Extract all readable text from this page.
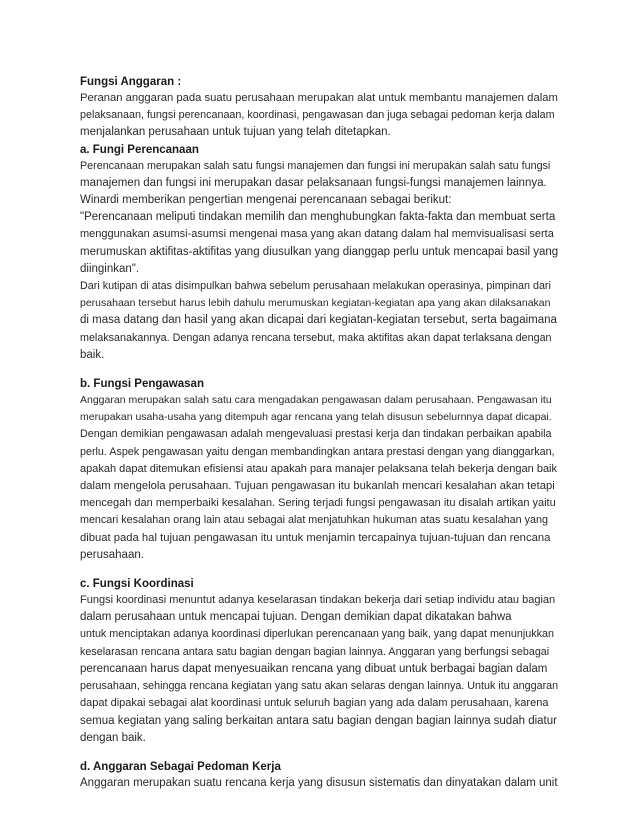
Fungsi Anggaran :
Peranan anggaran pada suatu perusahaan merupakan alat untuk membantu manajemen dalam
pelaksanaan, fungsi perencanaan, koordinasi, pengawasan dan juga sebagai pedoman kerja dalam
menjalankan perusahaan untuk tujuan yang telah ditetapkan.
a. Fungi Perencanaan
Perencanaan merupakan salah satu fungsi manajemen dan fungsi ini merupakan salah satu fungsi
manajemen dan fungsi ini merupakan dasar pelaksanaan fungsi-fungsi manajemen lainnya.
Winardi memberikan pengertian mengenai perencanaan sebagai berikut:
"Perencanaan meliputi tindakan memilih dan menghubungkan fakta-fakta dan membuat serta
menggunakan asumsi-asumsi mengenai masa yang akan datang dalam hal memvisualisasi serta
merumuskan aktifitas-aktifitas yang diusulkan yang dianggap perlu untuk mencapai basil yang
diinginkan".
Dari kutipan di atas disimpulkan bahwa sebelum perusahaan melakukan operasinya, pimpinan dari
perusahaan tersebut harus lebih dahulu merumuskan kegiatan-kegiatan apa yang akan dilaksanakan
di masa datang dan hasil yang akan dicapai dari kegiatan-kegiatan tersebut, serta bagaimana
melaksanakannya. Dengan adanya rencana tersebut, maka aktifitas akan dapat terlaksana dengan
baik.
b. Fungsi Pengawasan
Anggaran merupakan salah satu cara mengadakan pengawasan dalam perusahaan. Pengawasan itu
merupakan usaha-usaha yang ditempuh agar rencana yang telah disusun sebelurnnya dapat dicapai.
Dengan demikian pengawasan adalah mengevaluasi prestasi kerja dan tindakan perbaikan apabila
perlu. Aspek pengawasan yaitu dengan membandingkan antara prestasi dengan yang dianggarkan,
apakah dapat ditemukan efisiensi atau apakah para manajer pelaksana telah bekerja dengan baik
dalam mengelola perusahaan. Tujuan pengawasan itu bukanlah mencari kesalahan akan tetapi
mencegah dan memperbaiki kesalahan. Sering terjadi fungsi pengawasan itu disalah artikan yaitu
mencari kesalahan orang lain atau sebagai alat menjatuhkan hukuman atas suatu kesalahan yang
dibuat pada hal tujuan pengawasan itu untuk menjamin tercapainya tujuan-tujuan dan rencana
perusahaan.
c. Fungsi Koordinasi
Fungsi koordinasi menuntut adanya keselarasan tindakan bekerja dari setiap individu atau bagian
dalam perusahaan untuk mencapai tujuan. Dengan demikian dapat dikatakan bahwa
untuk menciptakan adanya koordinasi diperlukan perencanaan yang baik, yang dapat menunjukkan
keselarasan rencana antara satu bagian dengan bagian lainnya. Anggaran yang berfungsi sebagai
perencanaan harus dapat menyesuaikan rencana yang dibuat untuk berbagai bagian dalam
perusahaan, sehingga rencana kegiatan yang satu akan selaras dengan lainnya. Untuk itu anggaran
dapat dipakai sebagai alat koordinasi untuk seluruh bagian yang ada dalam perusahaan, karena
semua kegiatan yang saling berkaitan antara satu bagian dengan bagian lainnya sudah diatur
dengan baik.
d. Anggaran Sebagai Pedoman Kerja
Anggaran merupakan suatu rencana kerja yang disusun sistematis dan dinyatakan dalam unit
